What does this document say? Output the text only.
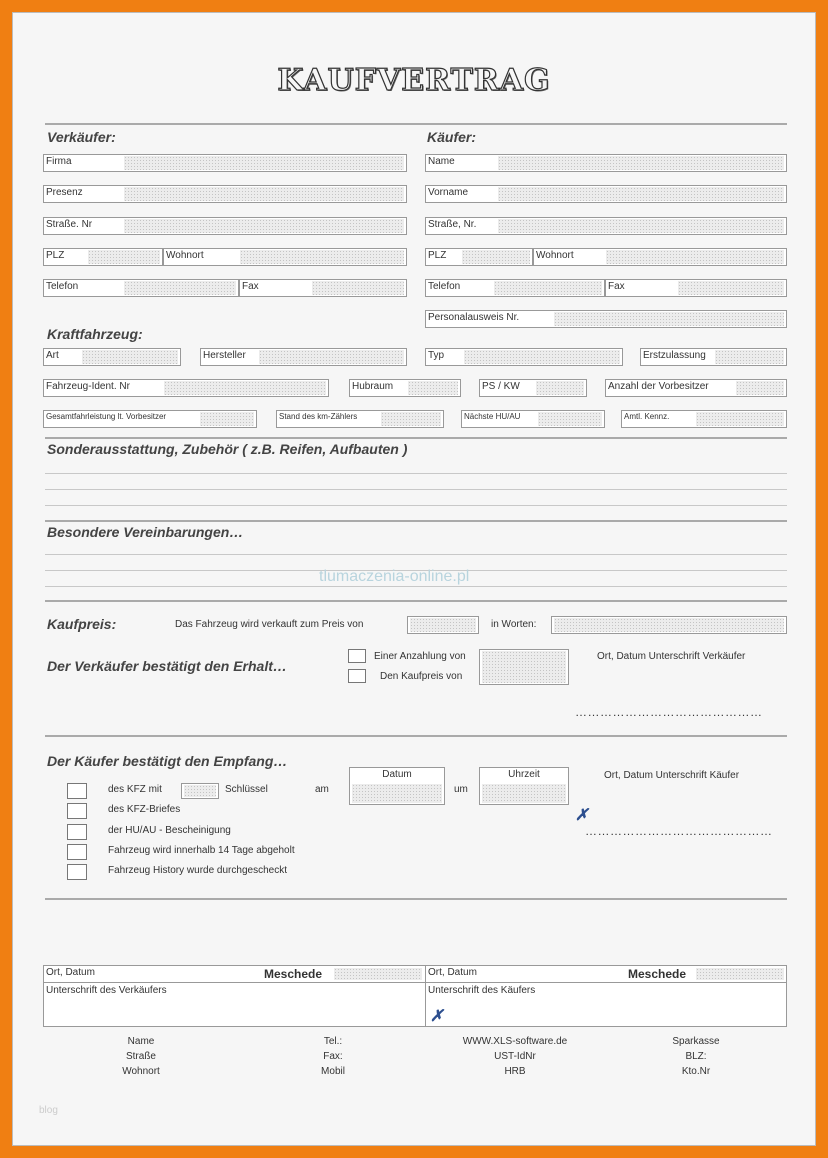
KAUFVERTRAG
Verkäufer:	Käufer:
Firma
Presenz
Straße. Nr
PLZ	Wohnort
Telefon	Fax
Name
Vorname
Straße, Nr.
PLZ	Wohnort
Telefon	Fax
Personalausweis Nr.
Kraftfahrzeug:
Art	Hersteller	Typ	Erstzulassung
Fahrzeug-Ident. Nr	Hubraum	PS / KW	Anzahl der Vorbesitzer
Gesamtfahrleistung lt. Vorbesitzer	Stand des km-Zählers	Nächste HU/AU	Amtl. Kennz.
Sonderausstattung, Zubehör ( z.B. Reifen, Aufbauten )
Besondere Vereinbarungen…
tlumaczenia-online.pl
Kaufpreis:	Das Fahrzeug wird verkauft zum Preis von	in Worten:
Der Verkäufer bestätigt den Erhalt…
Einer Anzahlung von
Den Kaufpreis von
Ort, Datum Unterschrift Verkäufer
………………………………………
Der Käufer bestätigt den Empfang…
des KFZ mit	Schlüssel	am
Datum
um
Uhrzeit	Ort, Datum Unterschrift Käufer
✗
………………………………………
des KFZ-Briefes
der HU/AU - Bescheinigung
Fahrzeug wird innerhalb 14 Tage abgeholt
Fahrzeug History wurde durchgescheckt
Ort, Datum	Meschede	Ort, Datum	Meschede
Unterschrift des Verkäufers	Unterschrift des Käufers
✗
Name
Straße
Wohnort
Tel.:
Fax:
Mobil
WWW.XLS-software.de
UST-IdNr
HRB
Sparkasse
BLZ:
Kto.Nr
blog
